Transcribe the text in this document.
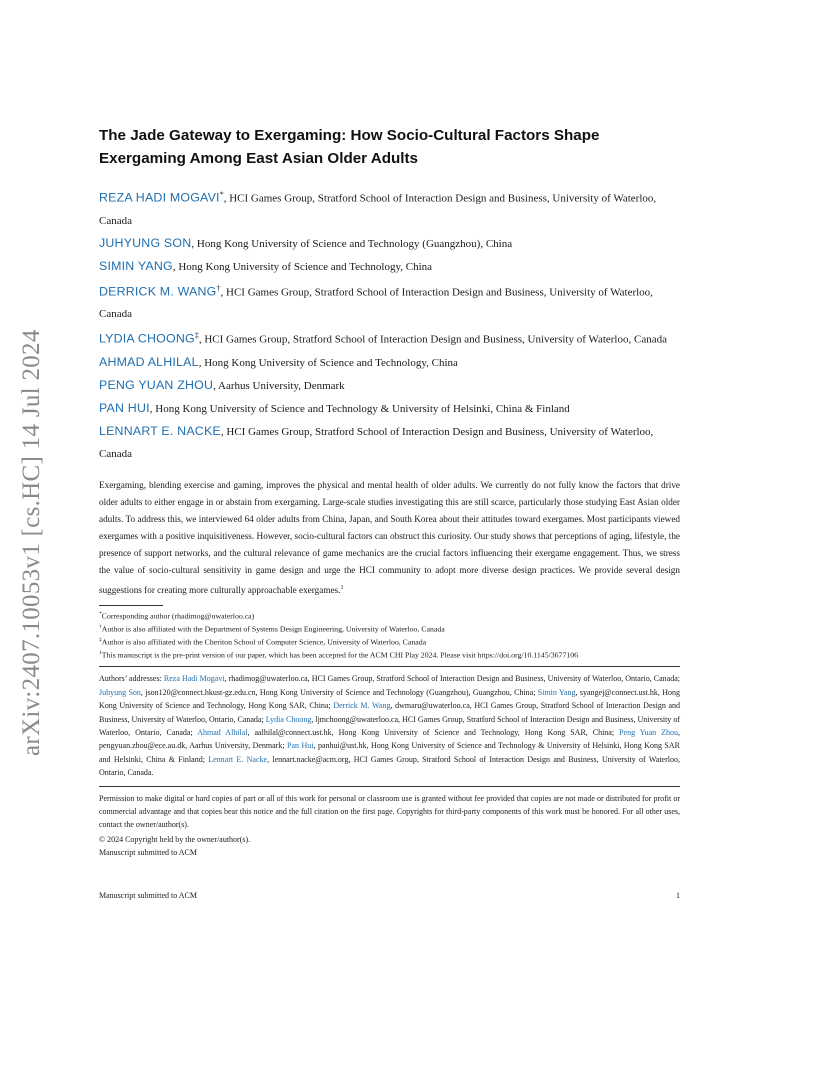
arXiv:2407.10053v1 [cs.HC] 14 Jul 2024
The Jade Gateway to Exergaming: How Socio-Cultural Factors Shape Exergaming Among East Asian Older Adults
REZA HADI MOGAVI*, HCI Games Group, Stratford School of Interaction Design and Business, University of Waterloo, Canada
JUHYUNG SON, Hong Kong University of Science and Technology (Guangzhou), China
SIMIN YANG, Hong Kong University of Science and Technology, China
DERRICK M. WANG†, HCI Games Group, Stratford School of Interaction Design and Business, University of Waterloo, Canada
LYDIA CHOONG‡, HCI Games Group, Stratford School of Interaction Design and Business, University of Waterloo, Canada
AHMAD ALHILAL, Hong Kong University of Science and Technology, China
PENG YUAN ZHOU, Aarhus University, Denmark
PAN HUI, Hong Kong University of Science and Technology & University of Helsinki, China & Finland
LENNART E. NACKE, HCI Games Group, Stratford School of Interaction Design and Business, University of Waterloo, Canada
Exergaming, blending exercise and gaming, improves the physical and mental health of older adults. We currently do not fully know the factors that drive older adults to either engage in or abstain from exergaming. Large-scale studies investigating this are still scarce, particularly those studying East Asian older adults. To address this, we interviewed 64 older adults from China, Japan, and South Korea about their attitudes toward exergames. Most participants viewed exergames with a positive inquisitiveness. However, socio-cultural factors can obstruct this curiosity. Our study shows that perceptions of aging, lifestyle, the presence of support networks, and the cultural relevance of game mechanics are the crucial factors influencing their exergame engagement. Thus, we stress the value of socio-cultural sensitivity in game design and urge the HCI community to adopt more diverse design practices. We provide several design suggestions for creating more culturally approachable exergames.$^1$
*Corresponding author (rhadimog@uwaterloo.ca)
†Author is also affiliated with the Department of Systems Design Engineering, University of Waterloo, Canada
‡Author is also affiliated with the Cheriton School of Computer Science, University of Waterloo, Canada
$^1$This manuscript is the pre-print version of our paper, which has been accepted for the ACM CHI Play 2024. Please visit https://doi.org/10.1145/3677106
Authors’ addresses: Reza Hadi Mogavi, rhadimog@uwaterloo.ca, HCI Games Group, Stratford School of Interaction Design and Business, University of Waterloo, Ontario, Canada; Juhyung Son, json120@connect.hkust-gz.edu.cn, Hong Kong University of Science and Technology (Guangzhou), Guangzhou, China; Simin Yang, syangej@connect.ust.hk, Hong Kong University of Science and Technology, Hong Kong SAR, China; Derrick M. Wang, dwmaru@uwaterloo.ca, HCI Games Group, Stratford School of Interaction Design and Business, University of Waterloo, Ontario, Canada; Lydia Choong, ljmchoong@uwaterloo.ca, HCI Games Group, Stratford School of Interaction Design and Business, University of Waterloo, Ontario, Canada; Ahmad Alhilal, aalhilal@connect.ust.hk, Hong Kong University of Science and Technology, Hong Kong SAR, China; Peng Yuan Zhou, pengyuan.zhou@ece.au.dk, Aarhus University, Denmark; Pan Hui, panhui@ust.hk, Hong Kong University of Science and Technology & University of Helsinki, Hong Kong SAR and Helsinki, China & Finland; Lennart E. Nacke, lennart.nacke@acm.org, HCI Games Group, Stratford School of Interaction Design and Business, University of Waterloo, Ontario, Canada.
Permission to make digital or hard copies of part or all of this work for personal or classroom use is granted without fee provided that copies are not made or distributed for profit or commercial advantage and that copies bear this notice and the full citation on the first page. Copyrights for third-party components of this work must be honored. For all other uses, contact the owner/author(s).
© 2024 Copyright held by the owner/author(s).
Manuscript submitted to ACM
Manuscript submitted to ACM	1
